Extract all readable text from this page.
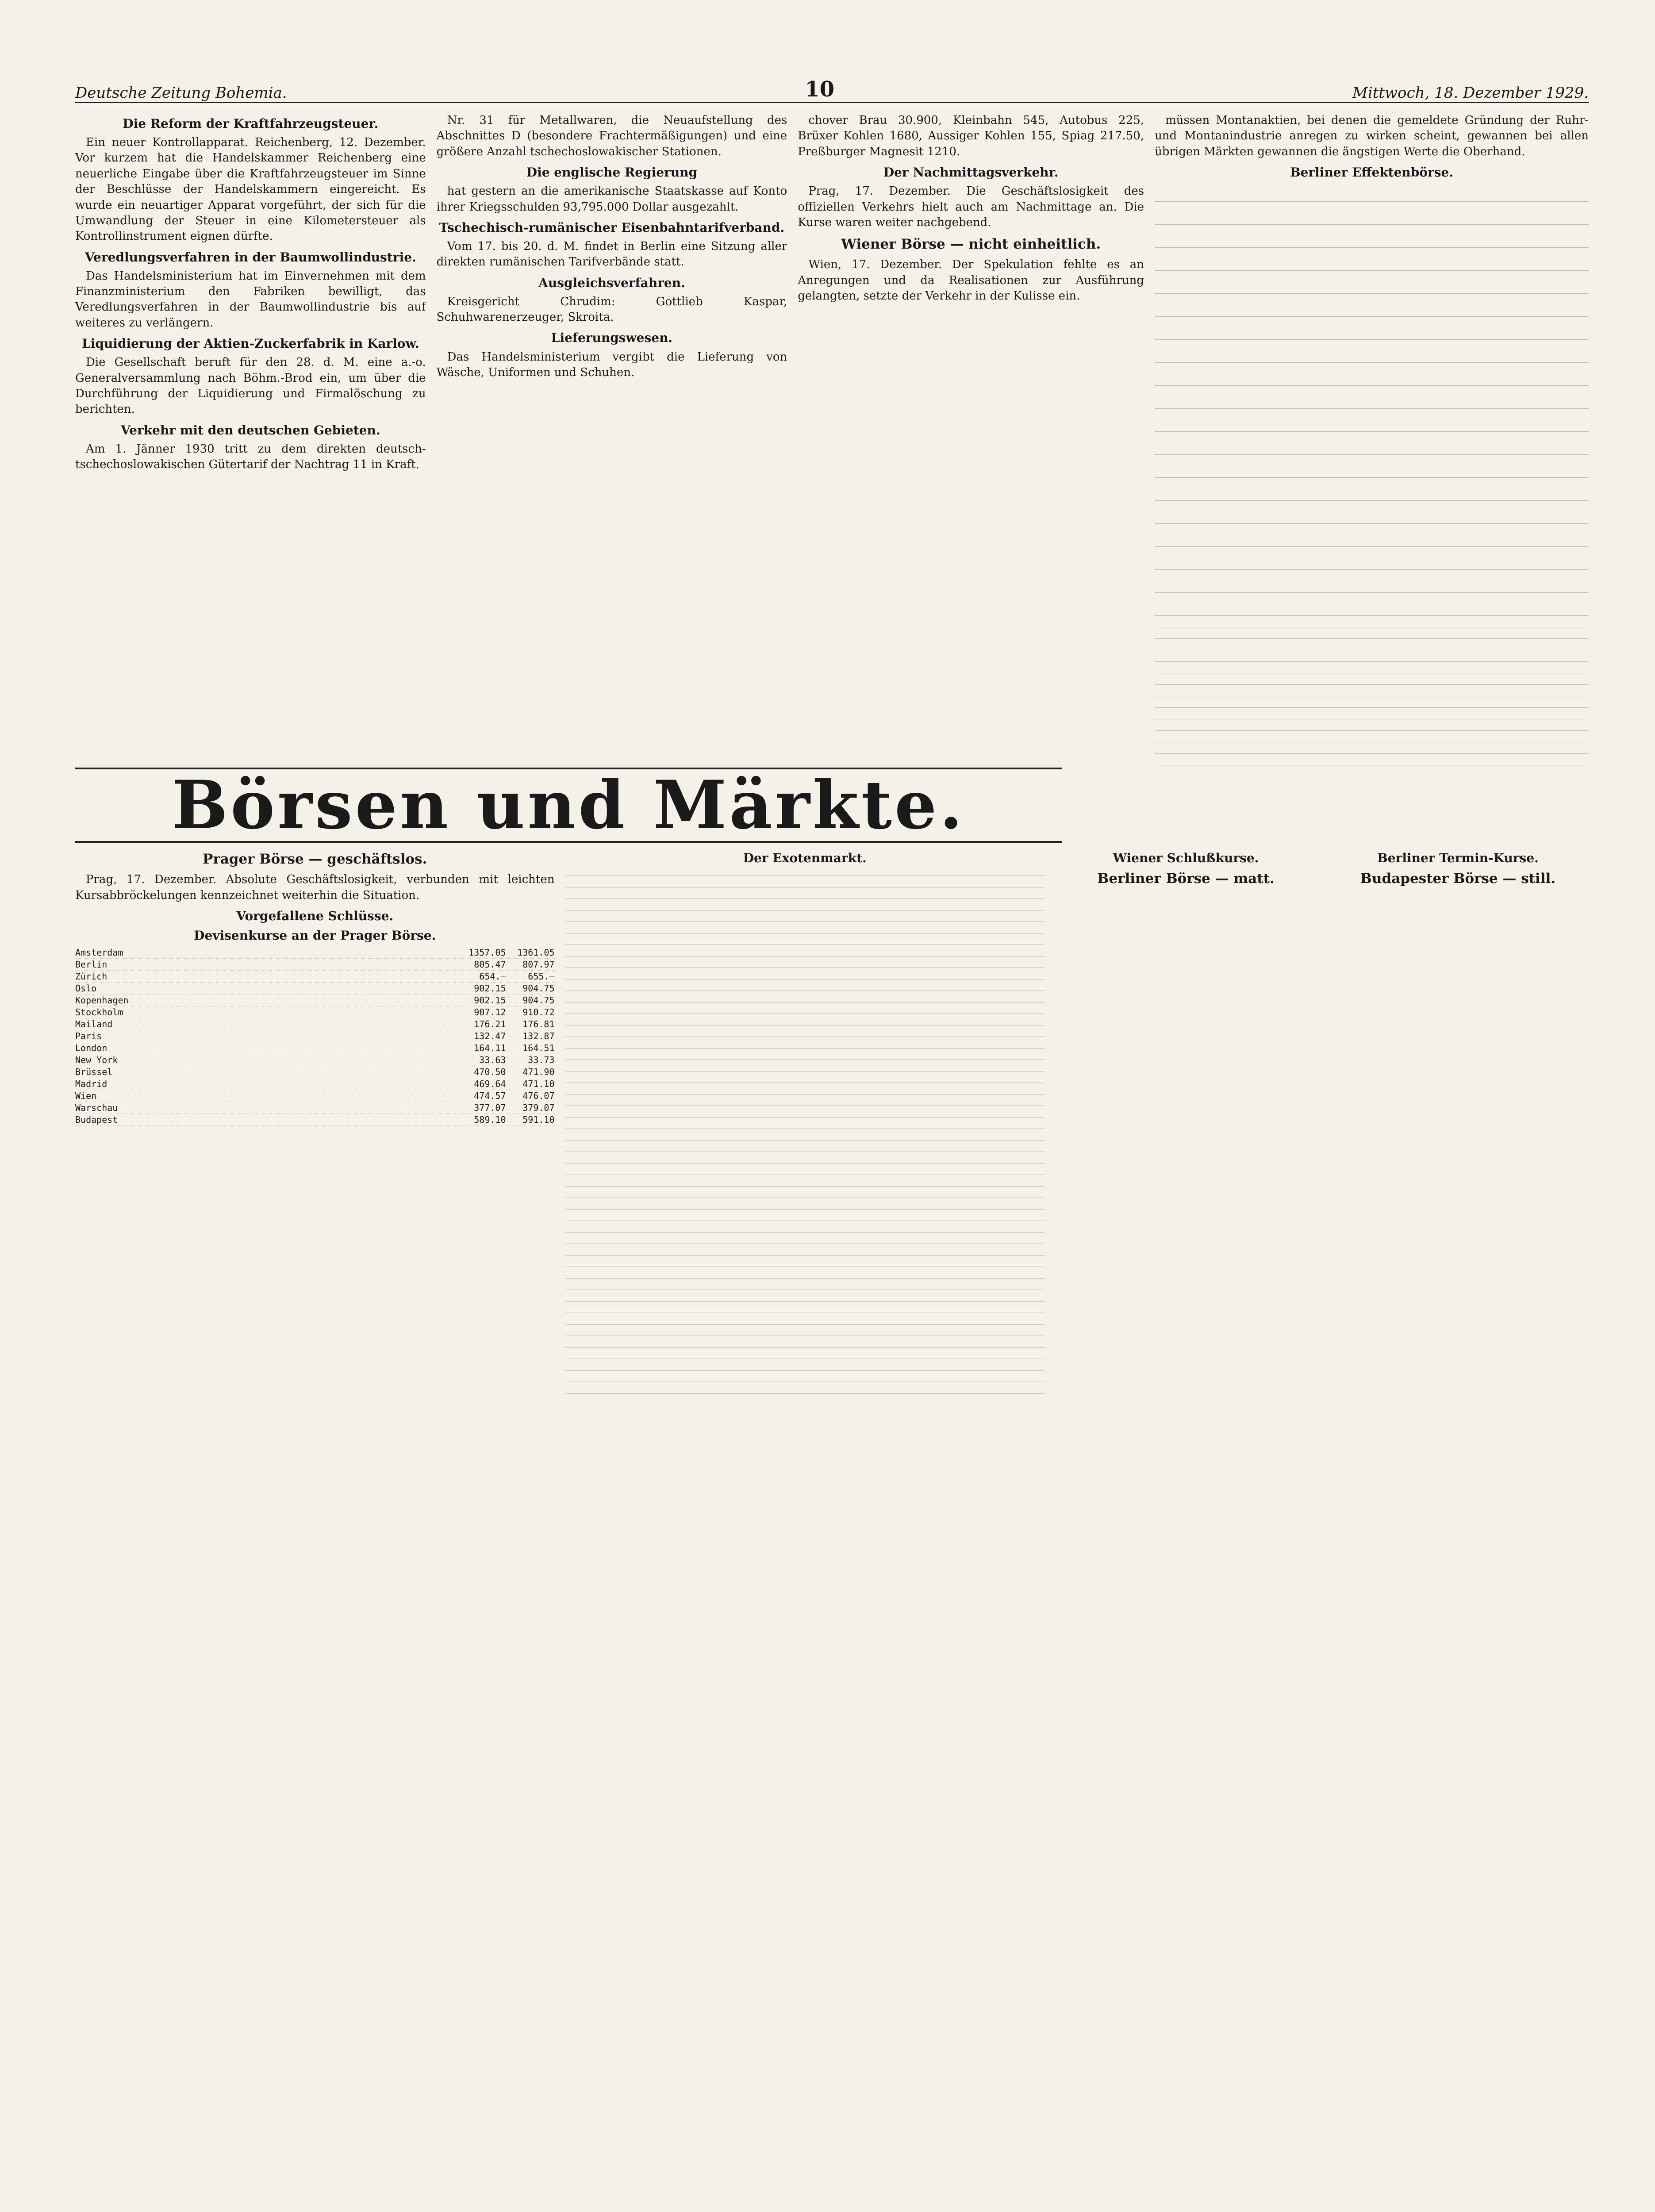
Deutsche Zeitung Bohemia.	10	Mittwoch, 18. Dezember 1929.
Die Reform der Kraftfahrzeugsteuer.

Ein neuer Kontrollapparat. Reichenberg, 12. Dezember. Vor kurzem hat die Handelskammer Reichenberg eine neuerliche Eingabe über die Kraftfahrzeugsteuer im Sinne der Beschlüsse der Handelskammern eingereicht. Es wurde ein neuartiger Apparat vorgeführt, der sich für die Umwandlung der Steuer in eine Kilometersteuer als Kontrollinstrument eignen dürfte.

Veredlungsverfahren in der Baumwollindustrie.

Das Handelsministerium hat im Einvernehmen mit dem Finanzministerium den Fabriken bewilligt, das Veredlungsverfahren in der Baumwollindustrie bis auf weiteres zu verlängern.

Liquidierung der Aktien-Zuckerfabrik in Karlow.

Die Gesellschaft beruft für den 28. d. M. eine a.-o. Generalversammlung nach Böhm.-Brod ein, um über die Durchführung der Liquidierung und Firmalöschung zu berichten.

Verkehr mit den deutschen Gebieten.

Am 1. Jänner 1930 tritt zu dem direkten deutsch-tschechoslowakischen Gütertarif der Nachtrag 11 in Kraft.

Nr. 31 für Metallwaren, die Neuaufstellung des Abschnittes D (besondere Frachtermäßigungen) und eine größere Anzahl tschechoslowakischer Stationen.

Die englische Regierung

hat gestern an die amerikanische Staatskasse auf Konto ihrer Kriegsschulden 93,795.000 Dollar ausgezahlt.

Tschechisch-rumänischer Eisenbahntarifverband.

Vom 17. bis 20. d. M. findet in Berlin eine Sitzung aller direkten rumänischen Tarifverbände statt.

Ausgleichsverfahren.

Kreisgericht Chrudim: Gottlieb Kaspar, Schuhwarenerzeuger, Skroita.

Lieferungswesen.

Das Handelsministerium vergibt die Lieferung von Wäsche, Uniformen und Schuhen.

chover Brau 30.900, Kleinbahn 545, Autobus 225, Brüxer Kohlen 1680, Aussiger Kohlen 155, Spiag 217.50, Preßburger Magnesit 1210.

Der Nachmittagsverkehr.

Prag, 17. Dezember. Die Geschäftslosigkeit des offiziellen Verkehrs hielt auch am Nachmittage an. Die Kurse waren weiter nachgebend.

Wiener Börse — nicht einheitlich.

Wien, 17. Dezember. Der Spekulation fehlte es an Anregungen und da Realisationen zur Ausführung gelangten, setzte der Verkehr in der Kulisse ein.

müssen Montanaktien, bei denen die gemeldete Gründung der Ruhr- und Montanindustrie anregen zu wirken scheint, gewannen bei allen übrigen Märkten gewannen die ängstigen Werte die Oberhand.

Berliner Effektenbörse.
Börsen und Märkte.
Prager Börse — geschäftslos.

Prag, 17. Dezember. Absolute Geschäftslosigkeit, verbunden mit leichten Kursabbröckelungen kennzeichnet weiterhin die Situation.

Vorgefallene Schlüsse.
Devisenkurse an der Prager Börse.
Amsterdam	1357.05	1361.05
Berlin	805.47	807.97
Zürich	654.—	655.—
Oslo	902.15	904.75
Kopenhagen	902.15	904.75
Stockholm	907.12	910.72
Mailand	176.21	176.81
Paris	132.47	132.87
London	164.11	164.51
New York	33.63	33.73
Brüssel	470.50	471.90
Madrid	469.64	471.10
Wien	474.57	476.07
Warschau	377.07	379.07
Budapest	589.10	591.10
Der Exotenmarkt.	Wiener Schlußkurse.
Berliner Börse — matt.
Berliner Termin-Kurse.
Budapester Börse — still.
